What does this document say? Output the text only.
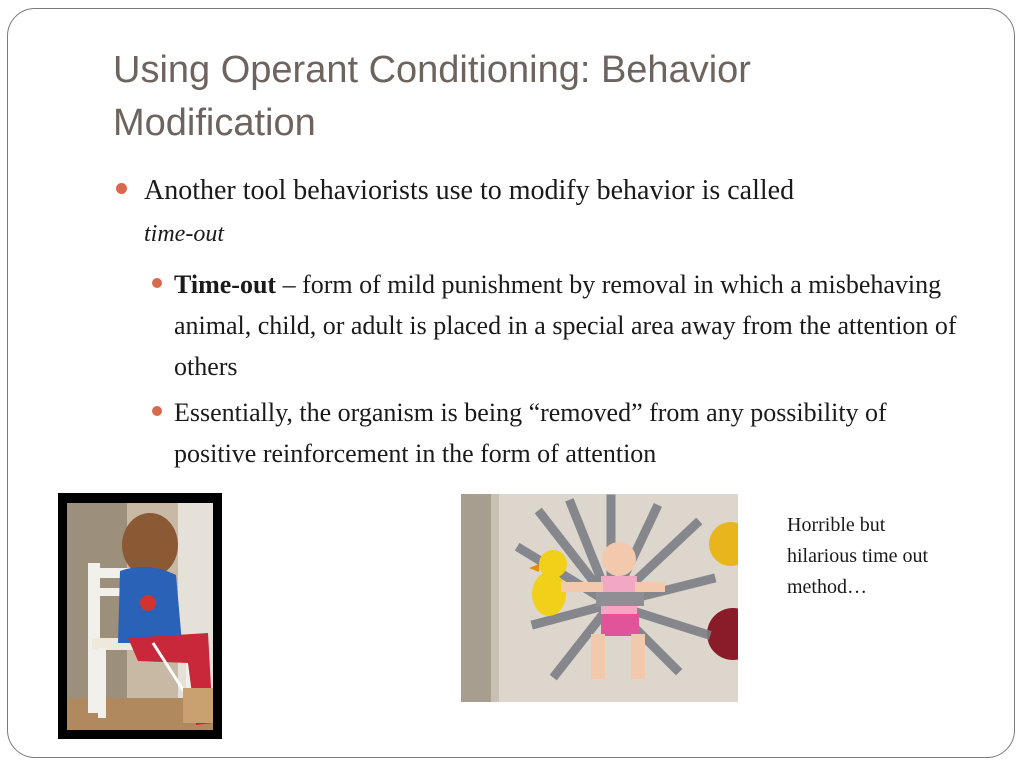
Using Operant Conditioning: Behavior Modification
Another tool behaviorists use to modify behavior is called
time-out
Time-out – form of mild punishment by removal in which a misbehaving animal, child, or adult is placed in a special area away from the attention of others
Essentially, the organism is being “removed” from any possibility of positive reinforcement in the form of attention
Horrible but hilarious time out method…
